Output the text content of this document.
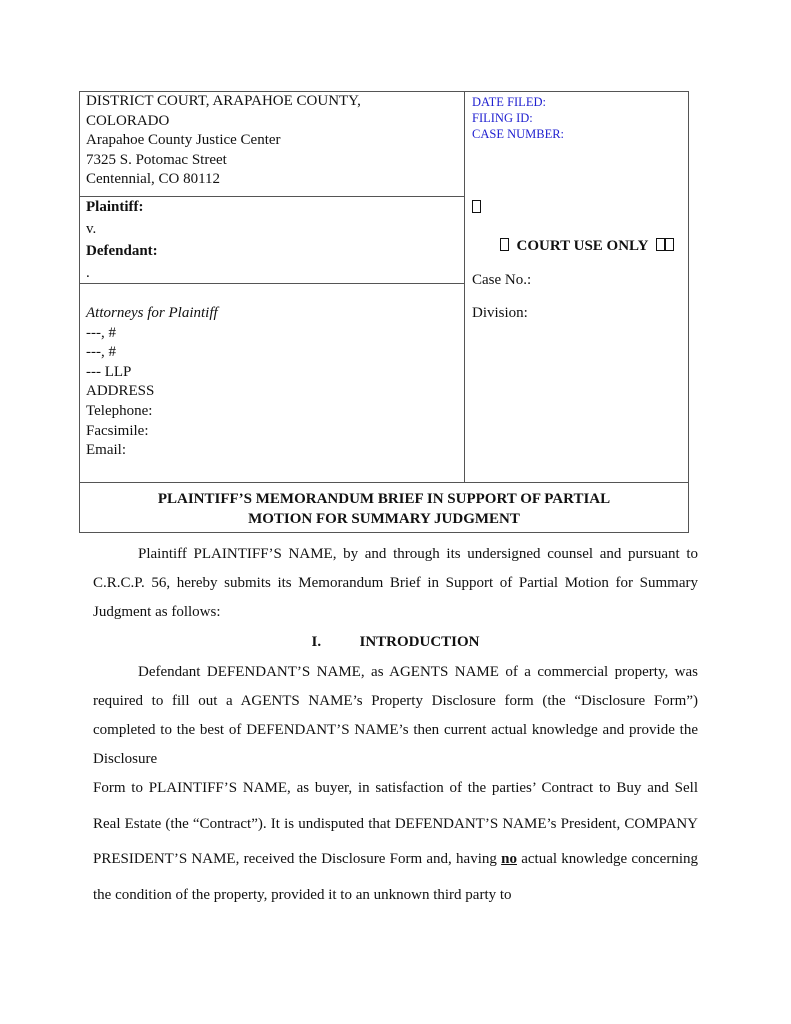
DISTRICT COURT, ARAPAHOE COUNTY,
COLORADO
Arapahoe County Justice Center
7325 S. Potomac Street
Centennial, CO 80112
DATE FILED:
FILING ID:
CASE NUMBER:
Plaintiff:
v.
Defendant:
.
COURT USE ONLY
Case No.:
Division:
Attorneys for Plaintiff
---, #
---, #
--- LLP
ADDRESS
Telephone:
Facsimile:
Email:
PLAINTIFF’S MEMORANDUM BRIEF IN SUPPORT OF PARTIAL
MOTION FOR SUMMARY JUDGMENT

Plaintiff PLAINTIFF’S NAME, by and through its undersigned counsel and pursuant to C.R.C.P. 56, hereby submits its Memorandum Brief in Support of Partial Motion for Summary Judgment as follows:

I.	INTRODUCTION

Defendant DEFENDANT’S NAME, as AGENTS NAME of a commercial property, was required to fill out a AGENTS NAME’s Property Disclosure form (the “Disclosure Form”) completed to the best of DEFENDANT’S NAME’s then current actual knowledge and provide the Disclosure

Form to PLAINTIFF’S NAME, as buyer, in satisfaction of the parties’ Contract to Buy and Sell Real Estate (the “Contract”). It is undisputed that DEFENDANT’S NAME’s President, COMPANY PRESIDENT’S NAME, received the Disclosure Form and, having no actual knowledge concerning the condition of the property, provided it to an unknown third party to
